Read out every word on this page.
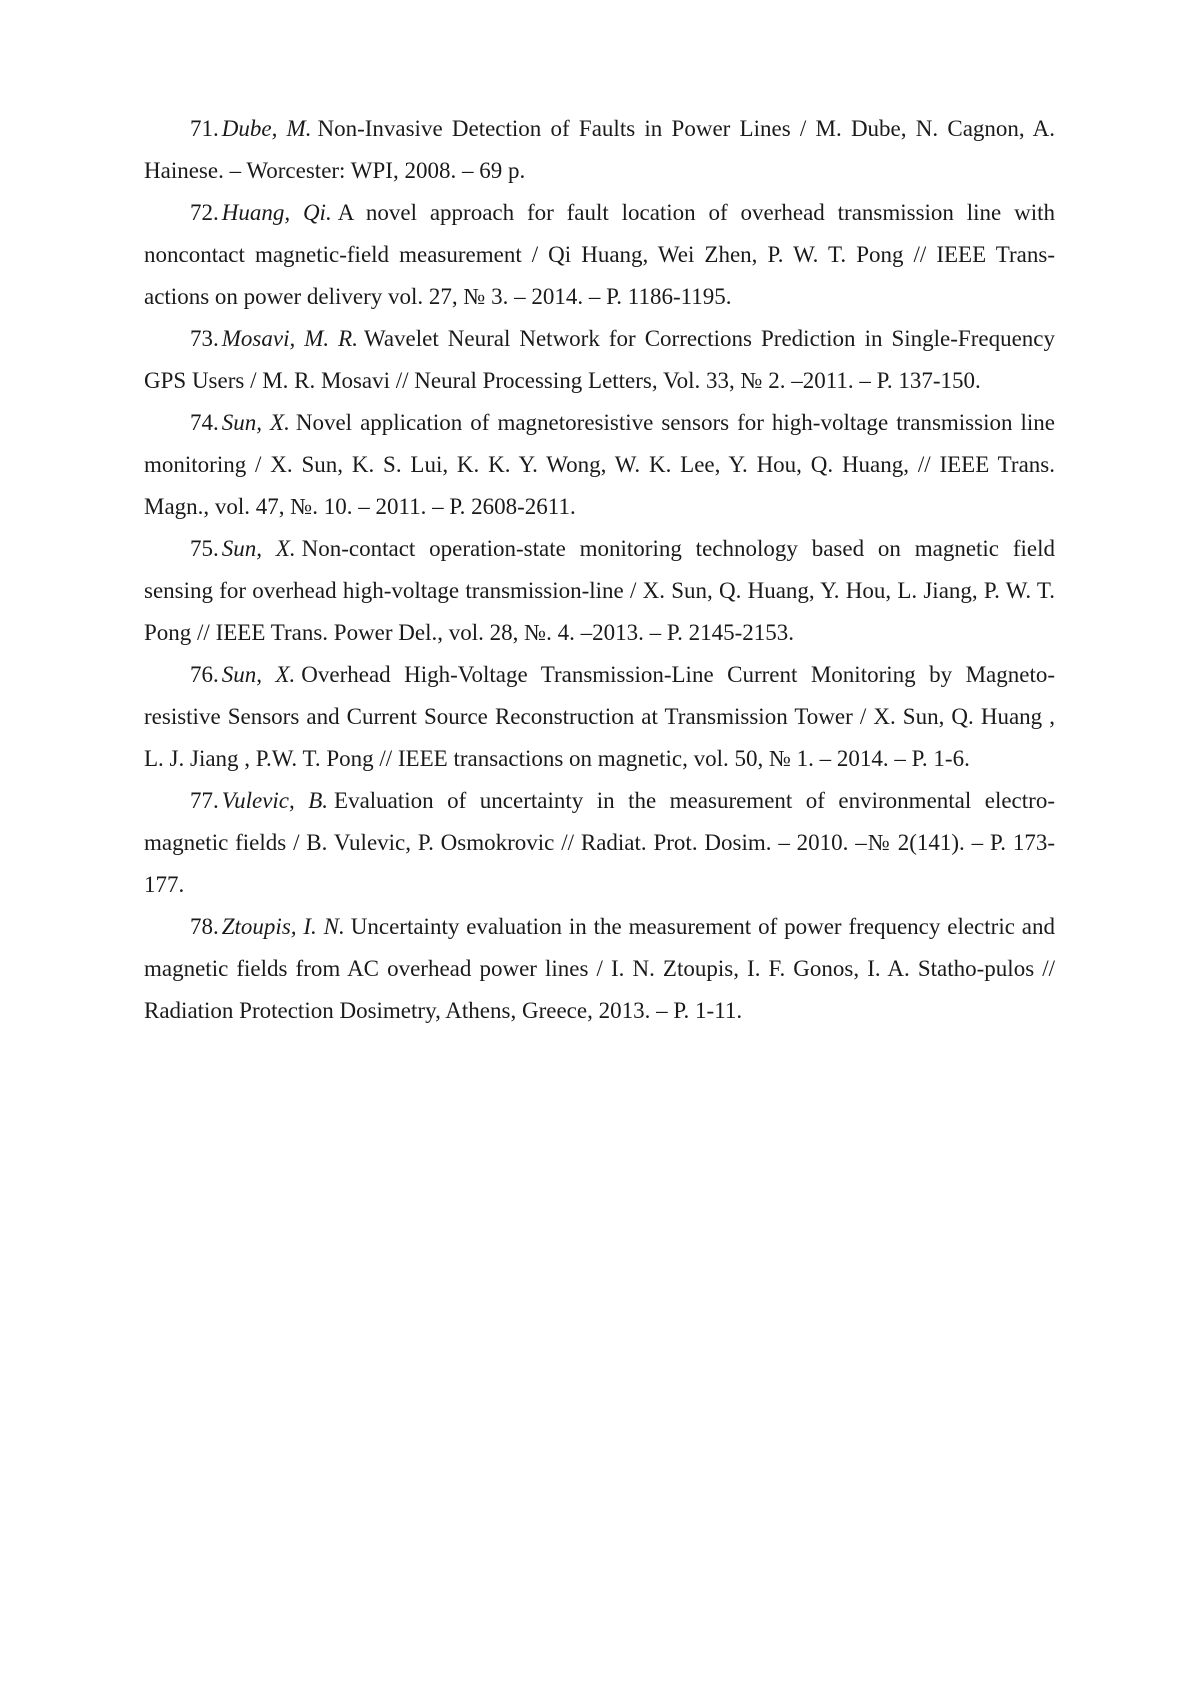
71. Dube, M. Non-Invasive Detection of Faults in Power Lines / M. Dube, N. Cagnon, A. Hainese. – Worcester: WPI, 2008. – 69 p.

72. Huang, Qi. A novel approach for fault location of overhead transmission line with noncontact magnetic-field measurement / Qi Huang, Wei Zhen, P. W. T. Pong // IEEE Trans-actions on power delivery vol. 27, № 3. – 2014. – P. 1186-1195.

73. Mosavi, M. R. Wavelet Neural Network for Corrections Prediction in Single-Frequency GPS Users / M. R. Mosavi // Neural Processing Letters, Vol. 33, № 2. –2011. – P. 137-150.

74. Sun, X. Novel application of magnetoresistive sensors for high-voltage transmission line monitoring / X. Sun, K. S. Lui, K. K. Y. Wong, W. K. Lee, Y. Hou, Q. Huang, // IEEE Trans. Magn., vol. 47, №. 10. – 2011. – P. 2608-2611.

75. Sun, X. Non-contact operation-state monitoring technology based on magnetic field sensing for overhead high-voltage transmission-line / X. Sun, Q. Huang, Y. Hou, L. Jiang, P. W. T. Pong // IEEE Trans. Power Del., vol. 28, №. 4. –2013. – P. 2145-2153.

76. Sun, X. Overhead High-Voltage Transmission-Line Current Monitoring by Magneto-resistive Sensors and Current Source Reconstruction at Transmission Tower / X. Sun, Q. Huang , L. J. Jiang , P.W. T. Pong // IEEE transactions on magnetic, vol. 50, № 1. – 2014. – P. 1-6.

77. Vulevic, B. Evaluation of uncertainty in the measurement of environmental electro-magnetic fields / B. Vulevic, P. Osmokrovic // Radiat. Prot. Dosim. – 2010. –№ 2(141). – P. 173-177.

78. Ztoupis, I. N. Uncertainty evaluation in the measurement of power frequency electric and magnetic fields from AC overhead power lines / I. N. Ztoupis, I. F. Gonos, I. A. Statho-pulos // Radiation Protection Dosimetry, Athens, Greece, 2013. – P. 1-11.
